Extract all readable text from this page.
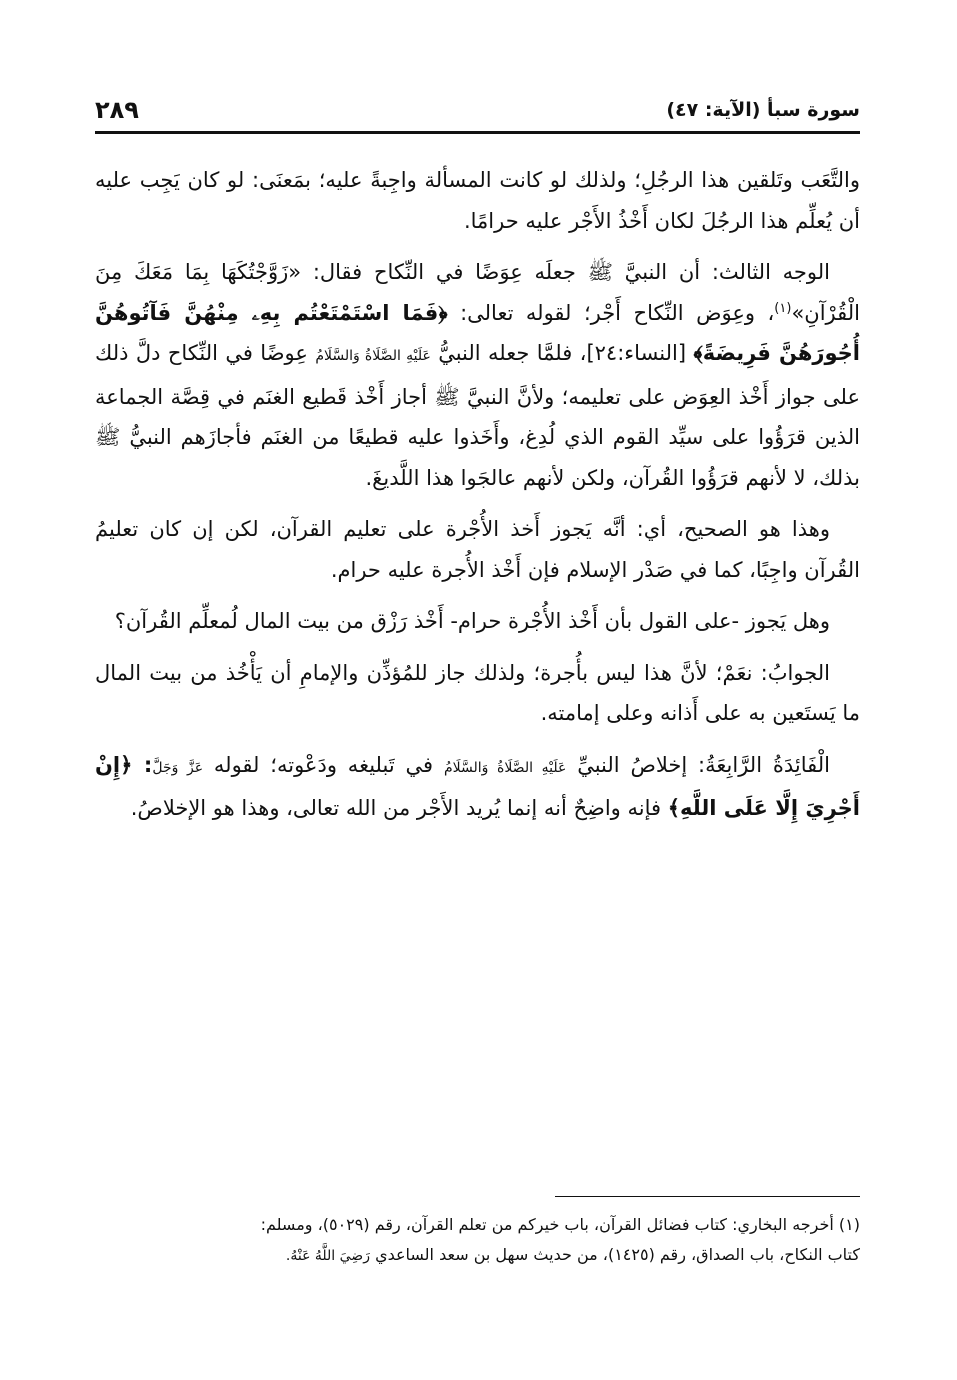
٢٨٩	سورة سبأ (الآية: ٤٧)

والتَّعَب وتَلقين هذا الرجُلِ؛ ولذلك لو كانت المسألة واجِبةً عليه؛ بمَعنَى: لو كان يَجِب عليه أن يُعلِّم هذا الرجُلَ لكان أَخْذُ الأَجْر عليه حرامًا.

الوجه الثالث: أن النبيَّ ﷺ جعلَه عِوَضًا في النِّكاح فقال: «زَوَّجْتُكَهَا بِمَا مَعَكَ مِنَ الْقُرْآنِ»$^{(١)}$، وعِوَض النِّكاح أَجْر؛ لقوله تعالى: ﴿فَمَا اسْتَمْتَعْتُم بِهِۦ مِنْهُنَّ فَآتُوهُنَّ أُجُورَهُنَّ فَرِيضَةً﴾ [النساء:٢٤]، فلمَّا جعله النبيُّ عَلَيْهِ الصَّلَاةُ وَالسَّلَامُ عِوضًا في النِّكاح دلَّ ذلك على جواز أَخْذ العِوَض على تعليمه؛ ولأنَّ النبيَّ ﷺ أجاز أَخْذ قَطيع الغنَم في قِصَّة الجماعة الذين قرَؤُوا على سيِّد القوم الذي لُدِغ، وأَخَذوا عليه قطيعًا من الغنَم فأجازَهم النبيُّ ﷺ بذلك، لا لأنهم قرَؤُوا القُرآن، ولكن لأنهم عالجَوا هذا اللَّديغَ.

وهذا هو الصحيح، أي: أنَّه يَجوز أَخذ الأُجْرة على تعليم القرآن، لكن إن كان تعليمُ القُرآن واجِبًا، كما في صَدْر الإسلام فإن أَخْذ الأُجرة عليه حرام.

وهل يَجوز -على القول بأن أَخْذ الأُجْرة حرام- أَخْذ رَزْق من بيت المال لُمعلِّم القُرآن؟

الجوابُ: نعَمْ؛ لأنَّ هذا ليس بأُجرة؛ ولذلك جاز للمُؤذِّن والإمامِ أن يَأْخُذ من بيت المال ما يَستَعين به على أَذانه وعلى إمامته.

الْفَائِدَةُ الرَّابِعَةُ: إخلاصُ النبيِّ عَلَيْهِ الصَّلَاةُ وَالسَّلَامُ في تَبليغه ودَعْوته؛ لقوله عَزَّ وَجَلَّ: ﴿إِنْ أَجْرِيَ إِلَّا عَلَى اللَّهِ﴾ فإنه واضِحٌ أنه إنما يُريد الأَجْر من الله تعالى، وهذا هو الإخلاصُ.

(١) أخرجه البخاري: كتاب فضائل القرآن، باب خيركم من تعلم القرآن، رقم (٥٠٢٩)، ومسلم:

كتاب النكاح، باب الصداق، رقم (١٤٢٥)، من حديث سهل بن سعد الساعدي رَضِيَ اللَّهُ عَنْهُ.
